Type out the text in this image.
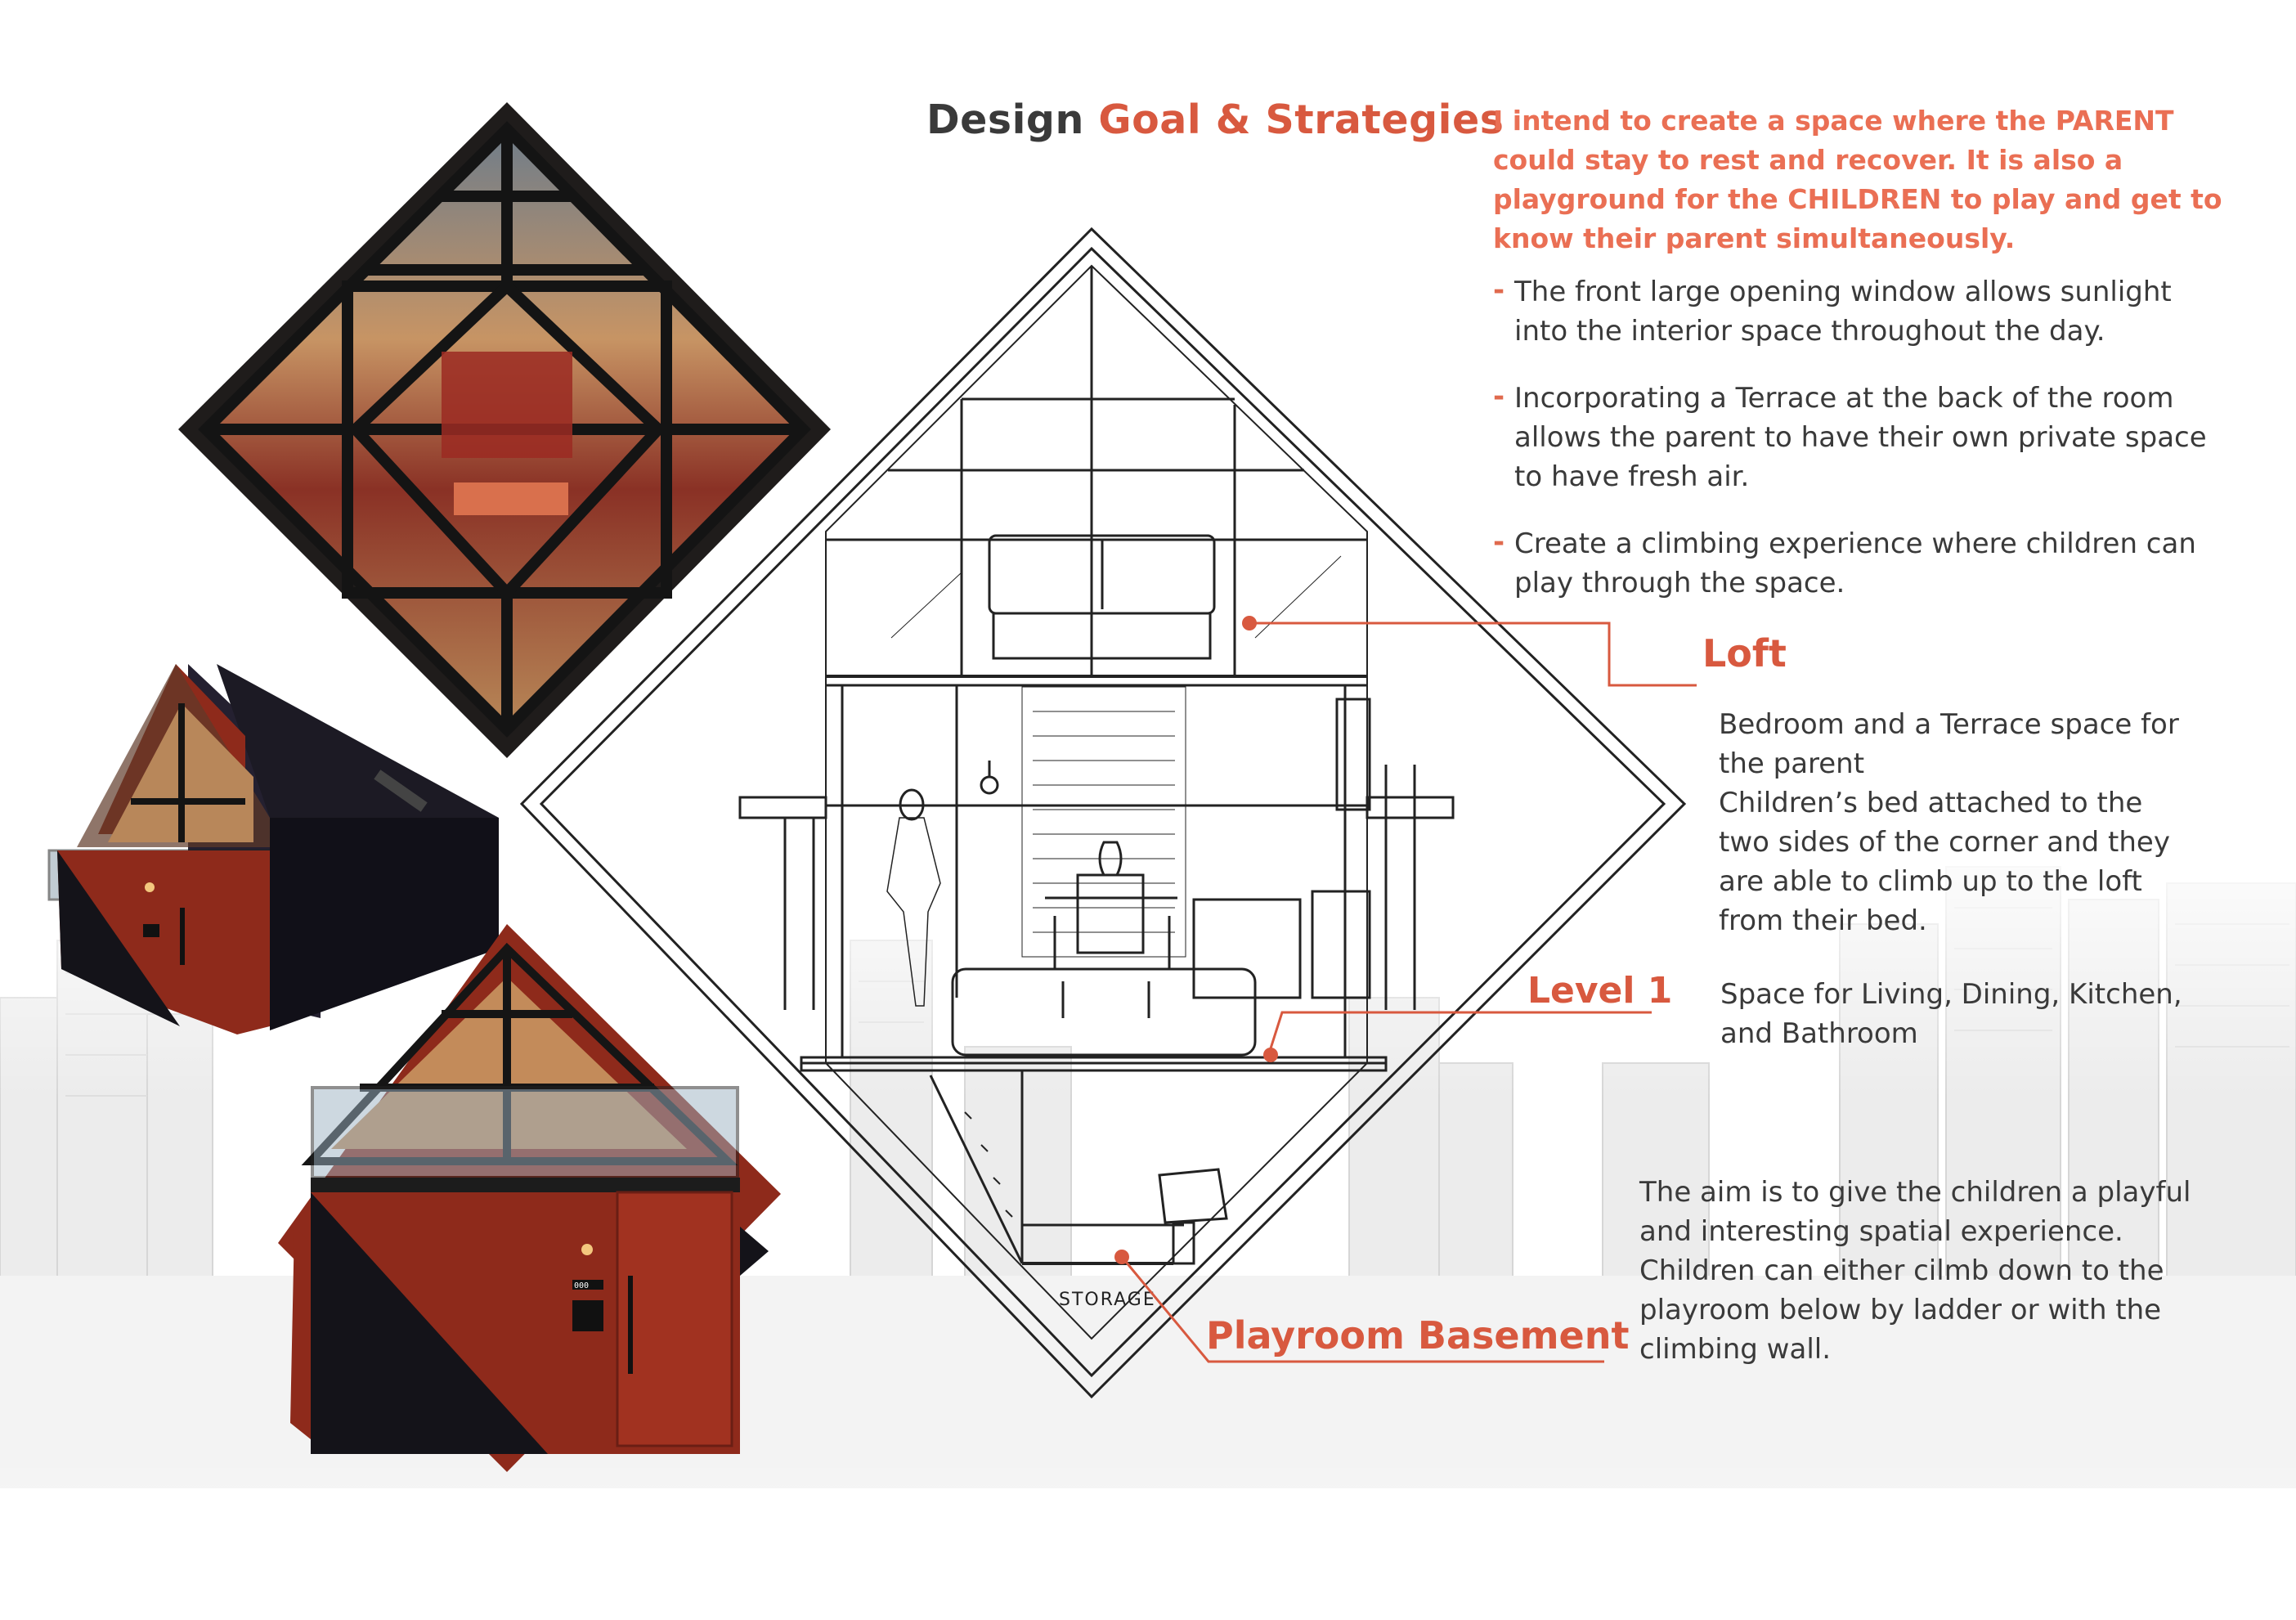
000
STORAGE
Design Goal & Strategies
I intend to create a space where the PARENT could stay to rest and recover. It is also a playground for the CHILDREN to play and get to know their parent simultaneously.
- The front large opening window allows sunlight
into the interior space throughout the day.
- Incorporating a Terrace at the back of the room
allows the parent to have their own private space
to have fresh air.
- Create a climbing experience where children can
play through the space.
Loft
Bedroom and a Terrace space for
the parent
Children’s bed attached to the
two sides of the corner and they
are able to climb up to the loft
from their bed.
Level 1 Space for Living, Dining, Kitchen,
and Bathroom
Playroom Basement
The aim is to give the children a playful
and interesting spatial experience.
Children can either cilmb down to the
playroom below by ladder or with the
climbing wall.
